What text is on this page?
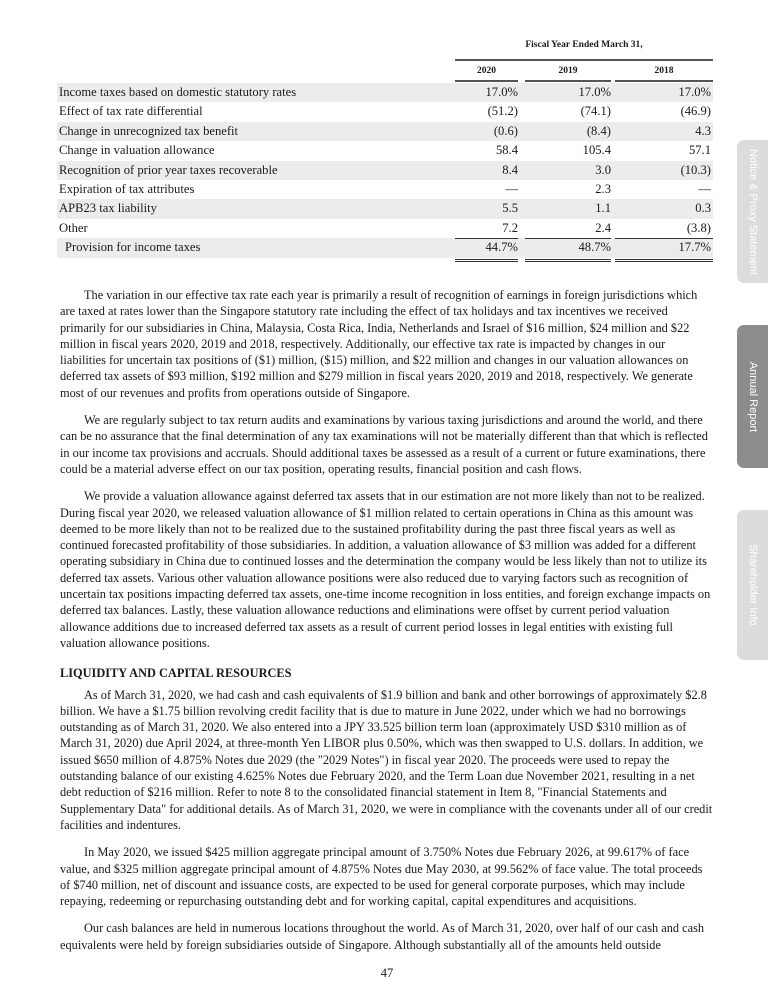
Fiscal Year Ended March 31,
2020	2019	2018
Income taxes based on domestic statutory rates	17.0%	17.0%	17.0%
Effect of tax rate differential	(51.2)	(74.1)	(46.9)
Change in unrecognized tax benefit	(0.6)	(8.4)	4.3
Change in valuation allowance	58.4	105.4	57.1
Recognition of prior year taxes recoverable	8.4	3.0	(10.3)
Expiration of tax attributes	—	2.3	—
APB23 tax liability	5.5	1.1	0.3
Other	7.2	2.4	(3.8)
Provision for income taxes	44.7%	48.7%	17.7%

The variation in our effective tax rate each year is primarily a result of recognition of earnings in foreign jurisdictions which are taxed at rates lower than the Singapore statutory rate including the effect of tax holidays and tax incentives we received primarily for our subsidiaries in China, Malaysia, Costa Rica, India, Netherlands and Israel of $16 million, $24 million and $22 million in fiscal years 2020, 2019 and 2018, respectively. Additionally, our effective tax rate is impacted by changes in our liabilities for uncertain tax positions of ($1) million, ($15) million, and $22 million and changes in our valuation allowances on deferred tax assets of $93 million, $192 million and $279 million in fiscal years 2020, 2019 and 2018, respectively. We generate most of our revenues and profits from operations outside of Singapore.

We are regularly subject to tax return audits and examinations by various taxing jurisdictions and around the world, and there can be no assurance that the final determination of any tax examinations will not be materially different than that which is reflected in our income tax provisions and accruals. Should additional taxes be assessed as a result of a current or future examinations, there could be a material adverse effect on our tax position, operating results, financial position and cash flows.

We provide a valuation allowance against deferred tax assets that in our estimation are not more likely than not to be realized. During fiscal year 2020, we released valuation allowance of $1 million related to certain operations in China as this amount was deemed to be more likely than not to be realized due to the sustained profitability during the past three fiscal years as well as continued forecasted profitability of those subsidiaries. In addition, a valuation allowance of $3 million was added for a different operating subsidiary in China due to continued losses and the determination the company would be less likely than not to utilize its deferred tax assets. Various other valuation allowance positions were also reduced due to varying factors such as recognition of uncertain tax positions impacting deferred tax assets, one-time income recognition in loss entities, and foreign exchange impacts on deferred tax balances. Lastly, these valuation allowance reductions and eliminations were offset by current period valuation allowance additions due to increased deferred tax assets as a result of current period losses in legal entities with existing full valuation allowance positions.

LIQUIDITY AND CAPITAL RESOURCES

As of March 31, 2020, we had cash and cash equivalents of $1.9 billion and bank and other borrowings of approximately $2.8 billion. We have a $1.75 billion revolving credit facility that is due to mature in June 2022, under which we had no borrowings outstanding as of March 31, 2020. We also entered into a JPY 33.525 billion term loan (approximately USD $310 million as of March 31, 2020) due April 2024, at three-month Yen LIBOR plus 0.50%, which was then swapped to U.S. dollars. In addition, we issued $650 million of 4.875% Notes due 2029 (the "2029 Notes") in fiscal year 2020. The proceeds were used to repay the outstanding balance of our existing 4.625% Notes due February 2020, and the Term Loan due November 2021, resulting in a net debt reduction of $216 million. Refer to note 8 to the consolidated financial statement in Item 8, "Financial Statements and Supplementary Data" for additional details. As of March 31, 2020, we were in compliance with the covenants under all of our credit facilities and indentures.

In May 2020, we issued $425 million aggregate principal amount of 3.750% Notes due February 2026, at 99.617% of face value, and $325 million aggregate principal amount of 4.875% Notes due May 2030, at 99.562% of face value. The total proceeds of $740 million, net of discount and issuance costs, are expected to be used for general corporate purposes, which may include repaying, redeeming or repurchasing outstanding debt and for working capital, capital expenditures and acquisitions.

Our cash balances are held in numerous locations throughout the world. As of March 31, 2020, over half of our cash and cash equivalents were held by foreign subsidiaries outside of Singapore. Although substantially all of the amounts held outside

47
Notice & Proxy Statement
Annual Report
Shareholder Info
